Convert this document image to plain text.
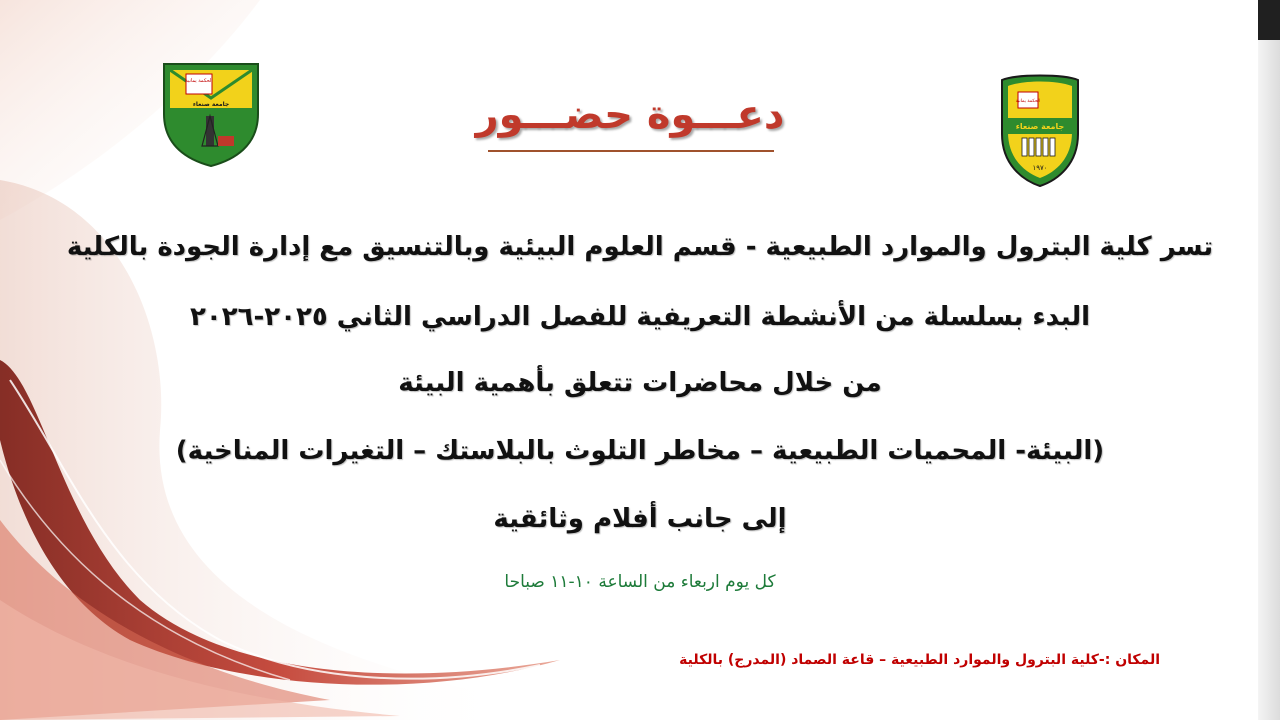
الحكمة يمانية
جامعة صنعاء
جامعة صنعاء
الحكمة يمانية
١٩٧٠
دعـــوة حضـــور
تسر كلية البترول والموارد الطبيعية - قسم العلوم البيئية وبالتنسيق مع إدارة الجودة بالكلية
البدء بسلسلة من الأنشطة التعريفية للفصل الدراسي الثاني ٢٠٢٥-٢٠٢٦
من خلال محاضرات تتعلق بأهمية البيئة
(البيئة- المحميات الطبيعية – مخاطر التلوث بالبلاستك – التغيرات المناخية)
إلى جانب أفلام وثائقية
كل يوم اربعاء من الساعة ١٠-١١ صباحا
المكان :-كلية البترول والموارد الطبيعية – قاعة الصماد (المدرج) بالكلية
